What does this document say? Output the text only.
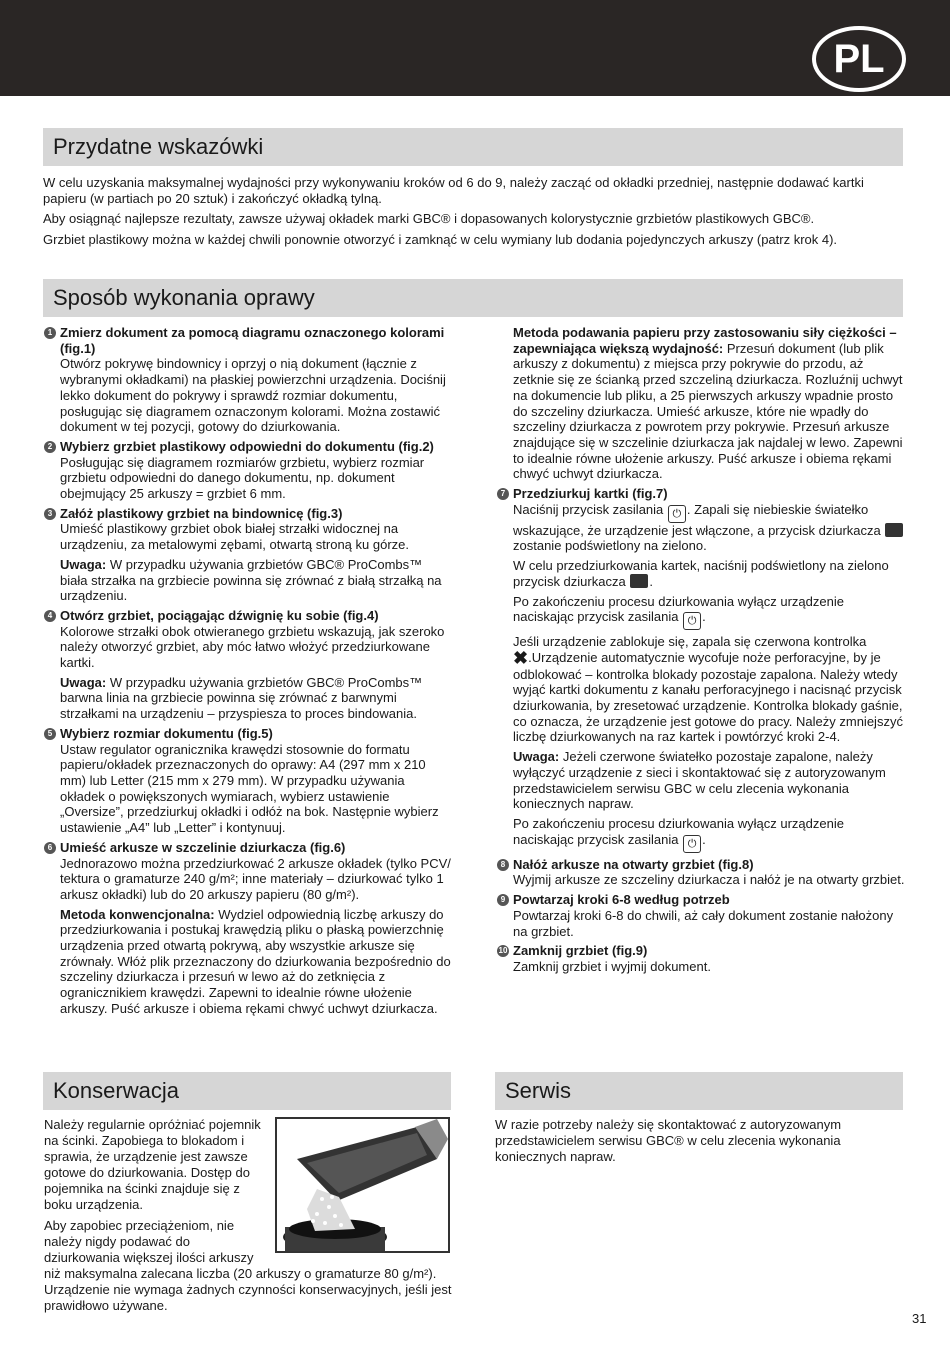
PL
Przydatne wskazówki
W celu uzyskania maksymalnej wydajności przy wykonywaniu kroków od 6 do 9, należy zacząć od okładki przedniej, następnie dodawać kartki papieru (w partiach po 20 sztuk) i zakończyć okładką tylną.
Aby osiągnąć najlepsze rezultaty, zawsze używaj okładek marki GBC® i dopasowanych kolorystycznie grzbietów plastikowych GBC®.
Grzbiet plastikowy można w każdej chwili ponownie otworzyć i zamknąć w celu wymiany lub dodania pojedynczych arkuszy (patrz krok 4).
Sposób wykonania oprawy
1 Zmierz dokument za pomocą diagramu oznaczonego kolorami (fig.1)
Otwórz pokrywę bindownicy i oprzyj o nią dokument (łącznie z wybranymi okładkami) na płaskiej powierzchni urządzenia. Dociśnij lekko dokument do pokrywy i sprawdź rozmiar dokumentu, posługując się diagramem oznaczonym kolorami. Można zostawić dokument w tej pozycji, gotowy do dziurkowania.
2 Wybierz grzbiet plastikowy odpowiedni do dokumentu (fig.2)
Posługując się diagramem rozmiarów grzbietu, wybierz rozmiar grzbietu odpowiedni do danego dokumentu, np. dokument obejmujący 25 arkuszy = grzbiet 6 mm.
3 Załóż plastikowy grzbiet na bindownicę (fig.3)
Umieść plastikowy grzbiet obok białej strzałki widocznej na urządzeniu, za metalowymi zębami, otwartą stroną ku górze.
Uwaga: W przypadku używania grzbietów GBC® ProCombs™ biała strzałka na grzbiecie powinna się zrównać z białą strzałką na urządzeniu.
4 Otwórz grzbiet, pociągając dźwignię ku sobie (fig.4)
Kolorowe strzałki obok otwieranego grzbietu wskazują, jak szeroko należy otworzyć grzbiet, aby móc łatwo włożyć przedziurkowane kartki.
Uwaga: W przypadku używania grzbietów GBC® ProCombs™ barwna linia na grzbiecie powinna się zrównać z barwnymi strzałkami na urządzeniu – przyspiesza to proces bindowania.
5 Wybierz rozmiar dokumentu (fig.5)
Ustaw regulator ogranicznika krawędzi stosownie do formatu papieru/okładek przeznaczonych do oprawy: A4 (297 mm x 210 mm) lub Letter (215 mm x 279 mm). W przypadku używania okładek o powiększonych wymiarach, wybierz ustawienie „Oversize”, przedziurkuj okładki i odłóż na bok. Następnie wybierz ustawienie „A4” lub „Letter” i kontynuuj.
6 Umieść arkusze w szczelinie dziurkacza (fig.6)
Jednorazowo można przedziurkować 2 arkusze okładek (tylko PCV/ tektura o gramaturze 240 g/m²; inne materiały – dziurkować tylko 1 arkusz okładki) lub do 20 arkuszy papieru (80 g/m²).
Metoda konwencjonalna: Wydziel odpowiednią liczbę arkuszy do przedziurkowania i postukaj krawędzią pliku o płaską powierzchnię urządzenia przed otwartą pokrywą, aby wszystkie arkusze się zrównały. Włóż plik przeznaczony do dziurkowania bezpośrednio do szczeliny dziurkacza i przesuń w lewo aż do zetknięcia z ogranicznikiem krawędzi. Zapewni to idealnie równe ułożenie arkuszy. Puść arkusze i obiema rękami chwyć uchwyt dziurkacza.
Metoda podawania papieru przy zastosowaniu siły ciężkości – zapewniająca większą wydajność: Przesuń dokument (lub plik arkuszy z dokumentu) z miejsca przy pokrywie do przodu, aż zetknie się ze ścianką przed szczeliną dziurkacza. Rozluźnij uchwyt na dokumencie lub pliku, a 25 pierwszych arkuszy wpadnie prosto do szczeliny dziurkacza. Umieść arkusze, które nie wpadły do szczeliny dziurkacza z powrotem przy pokrywie. Przesuń arkusze znajdujące się w szczelinie dziurkacza jak najdalej w lewo. Zapewni to idealnie równe ułożenie arkuszy. Puść arkusze i obiema rękami chwyć uchwyt dziurkacza.
7 Przedziurkuj kartki (fig.7)
Naciśnij przycisk zasilania ⏻ . Zapali się niebieskie światełko wskazujące, że urządzenie jest włączone, a przycisk dziurkacza  zostanie podświetlony na zielono.
W celu przedziurkowania kartek, naciśnij podświetlony na zielono przycisk dziurkacza .
Po zakończeniu procesu dziurkowania wyłącz urządzenie naciskając przycisk zasilania ⏻ .
Jeśli urządzenie zablokuje się, zapala się czerwona kontrolka ✖.Urządzenie automatycznie wycofuje noże perforacyjne, by je odblokować – kontrolka blokady pozostaje zapalona. Należy wtedy wyjąć kartki dokumentu z kanału perforacyjnego i nacisnąć przycisk dziurkowania, by zresetować urządzenie. Kontrolka blokady gaśnie, co oznacza, że urządzenie jest gotowe do pracy. Należy zmniejszyć liczbę dziurkowanych na raz kartek i powtórzyć kroki 2-4.
Uwaga: Jeżeli czerwone światełko pozostaje zapalone, należy wyłączyć urządzenie z sieci i skontaktować się z autoryzowanym przedstawicielem serwisu GBC w celu zlecenia wykonania koniecznych napraw.
Po zakończeniu procesu dziurkowania wyłącz urządzenie naciskając przycisk zasilania ⏻ .
8 Nałóż arkusze na otwarty grzbiet (fig.8)
Wyjmij arkusze ze szczeliny dziurkacza i nałóż je na otwarty grzbiet.
9 Powtarzaj kroki 6-8 według potrzeb
Powtarzaj kroki 6-8 do chwili, aż cały dokument zostanie nałożony na grzbiet.
10 Zamknij grzbiet (fig.9)
Zamknij grzbiet i wyjmij dokument.
Konserwacja
Należy regularnie opróżniać pojemnik na ścinki. Zapobiega to blokadom i sprawia, że urządzenie jest zawsze gotowe do dziurkowania. Dostęp do pojemnika na ścinki znajduje się z boku urządzenia.
Aby zapobiec przeciążeniom, nie należy nigdy podawać do dziurkowania większej ilości arkuszy niż maksymalna zalecana liczba (20 arkuszy o gramaturze 80 g/m²). Urządzenie nie wymaga żadnych czynności konserwacyjnych, jeśli jest prawidłowo używane.
Serwis
W razie potrzeby należy się skontaktować z autoryzowanym przedstawicielem serwisu GBC® w celu zlecenia wykonania koniecznych napraw.
31
